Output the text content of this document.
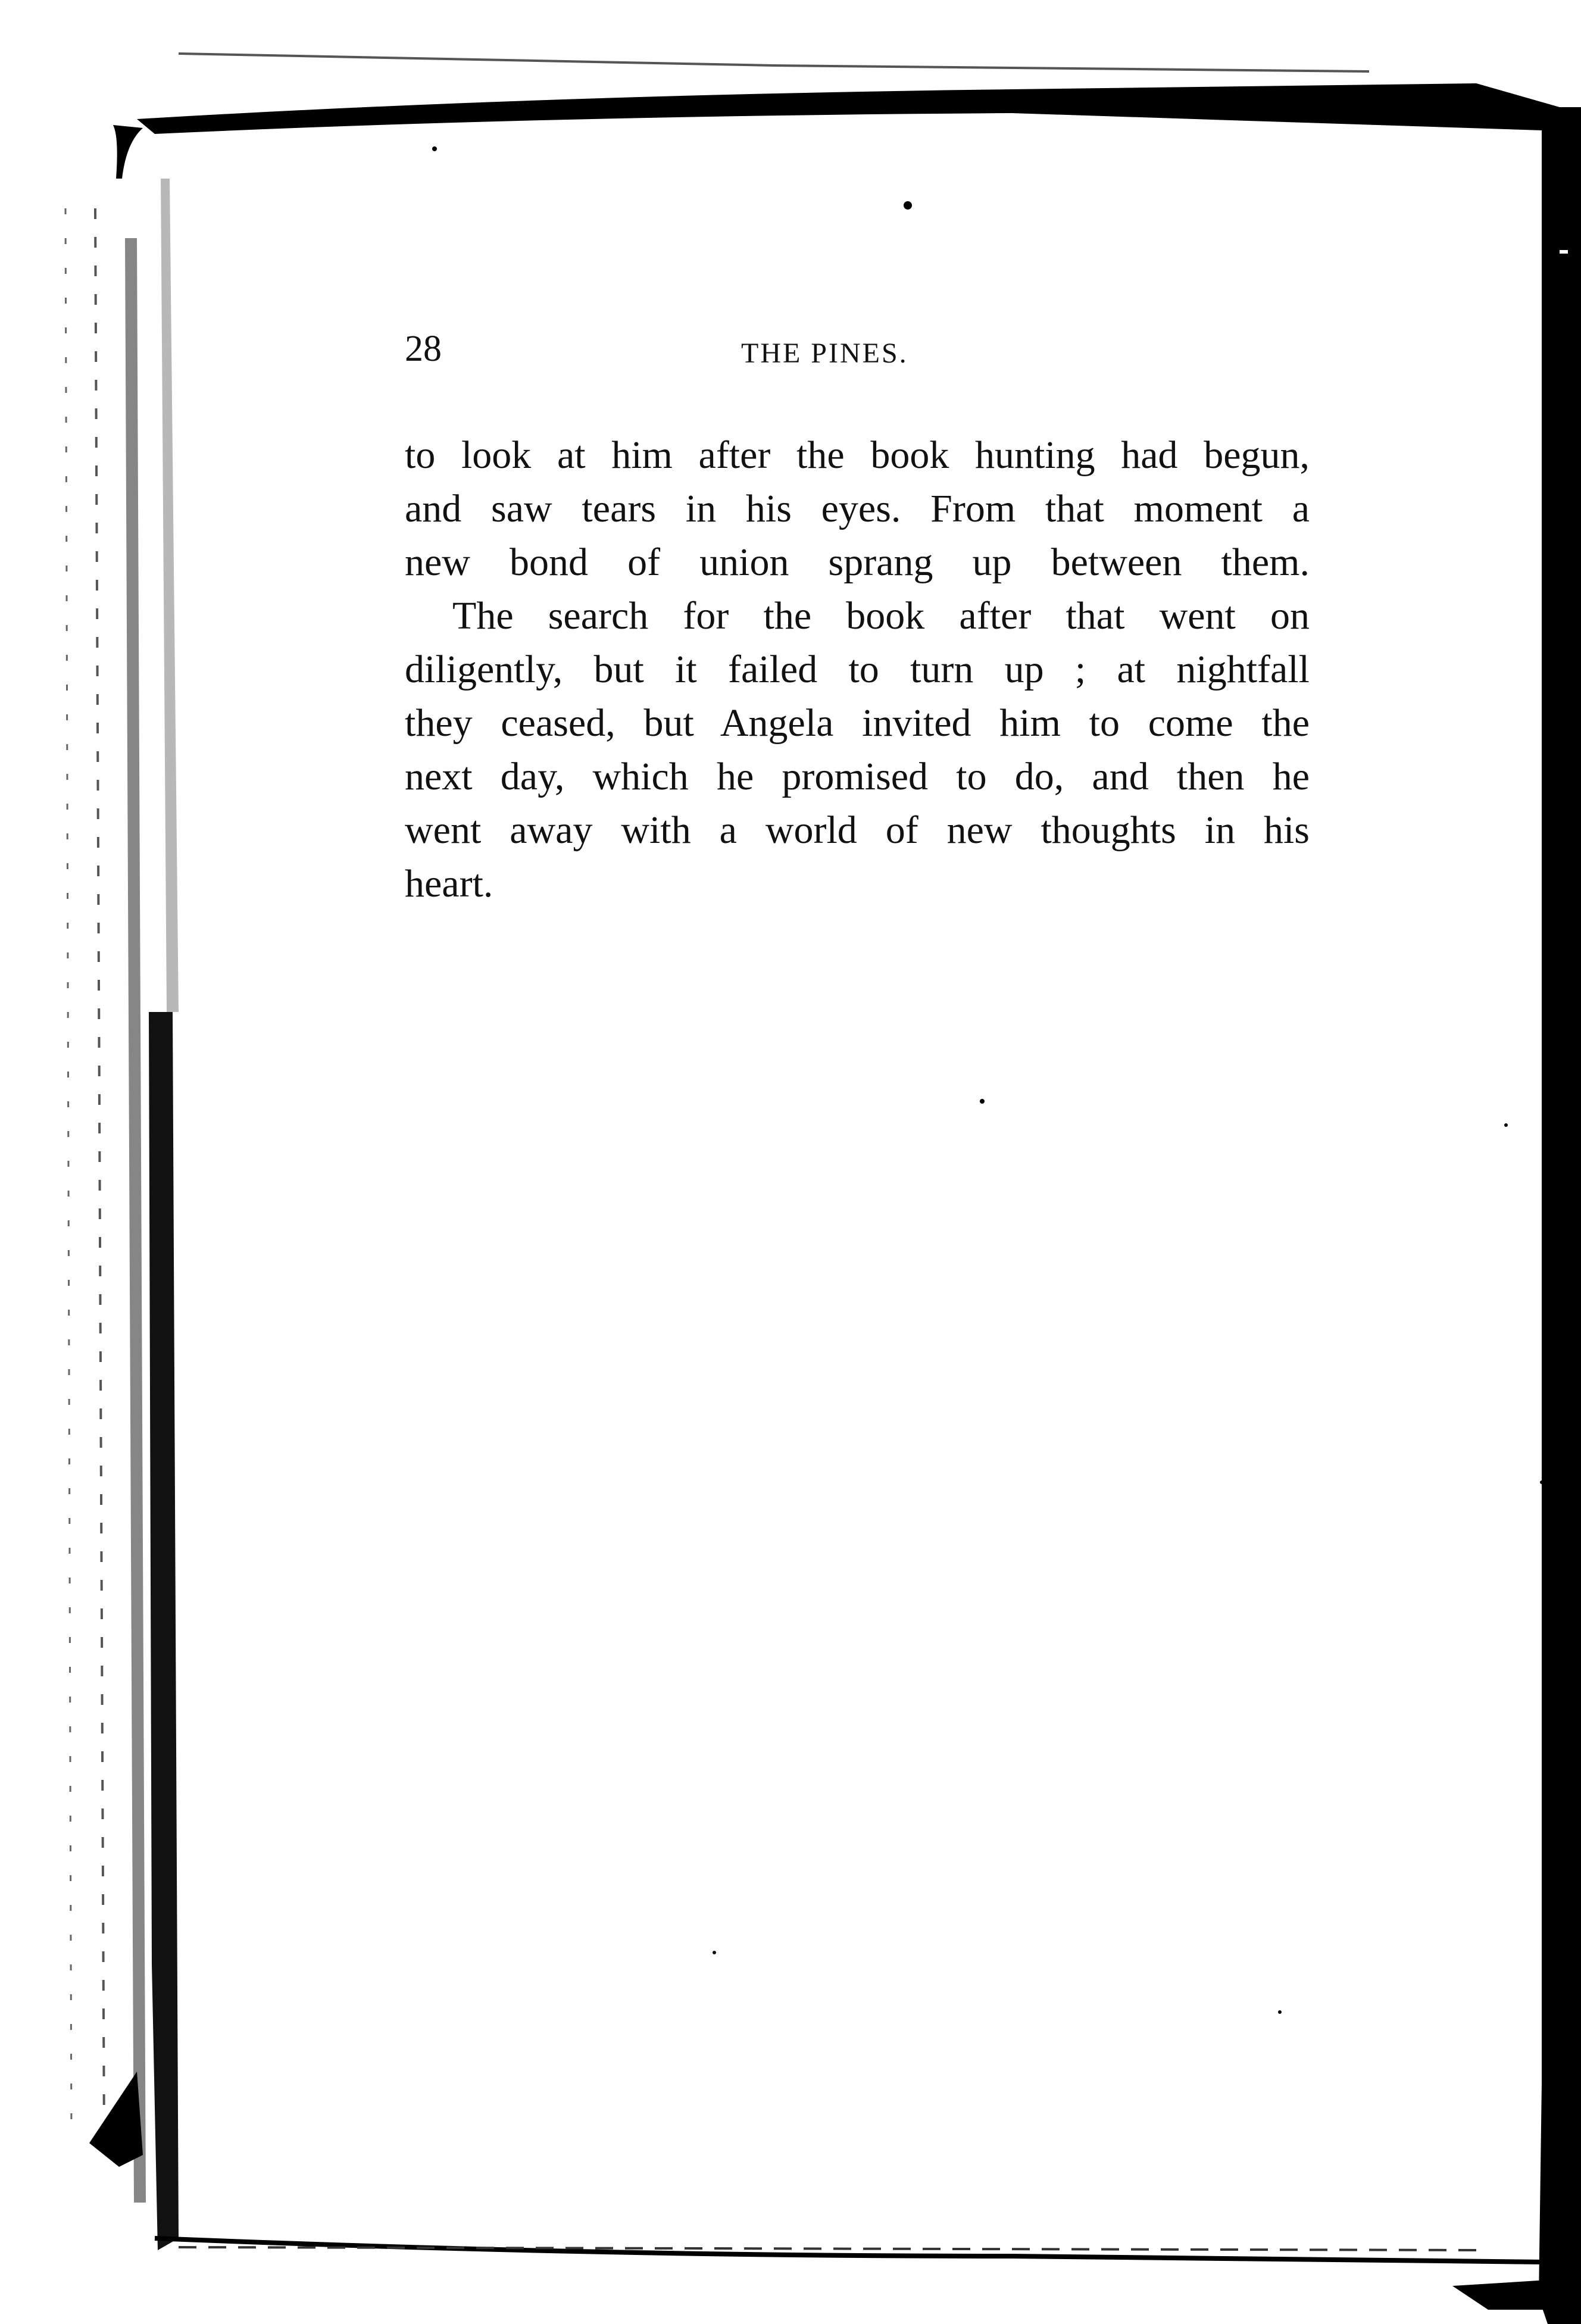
28	THE PINES.
to look at him after the book hunting had begun,
and saw tears in his eyes. From that moment a
new bond of union sprang up between them.
The search for the book after that went on
diligently, but it failed to turn up ; at nightfall
they ceased, but Angela invited him to come the
next day, which he promised to do, and then he
went away with a world of new thoughts in his
heart.
